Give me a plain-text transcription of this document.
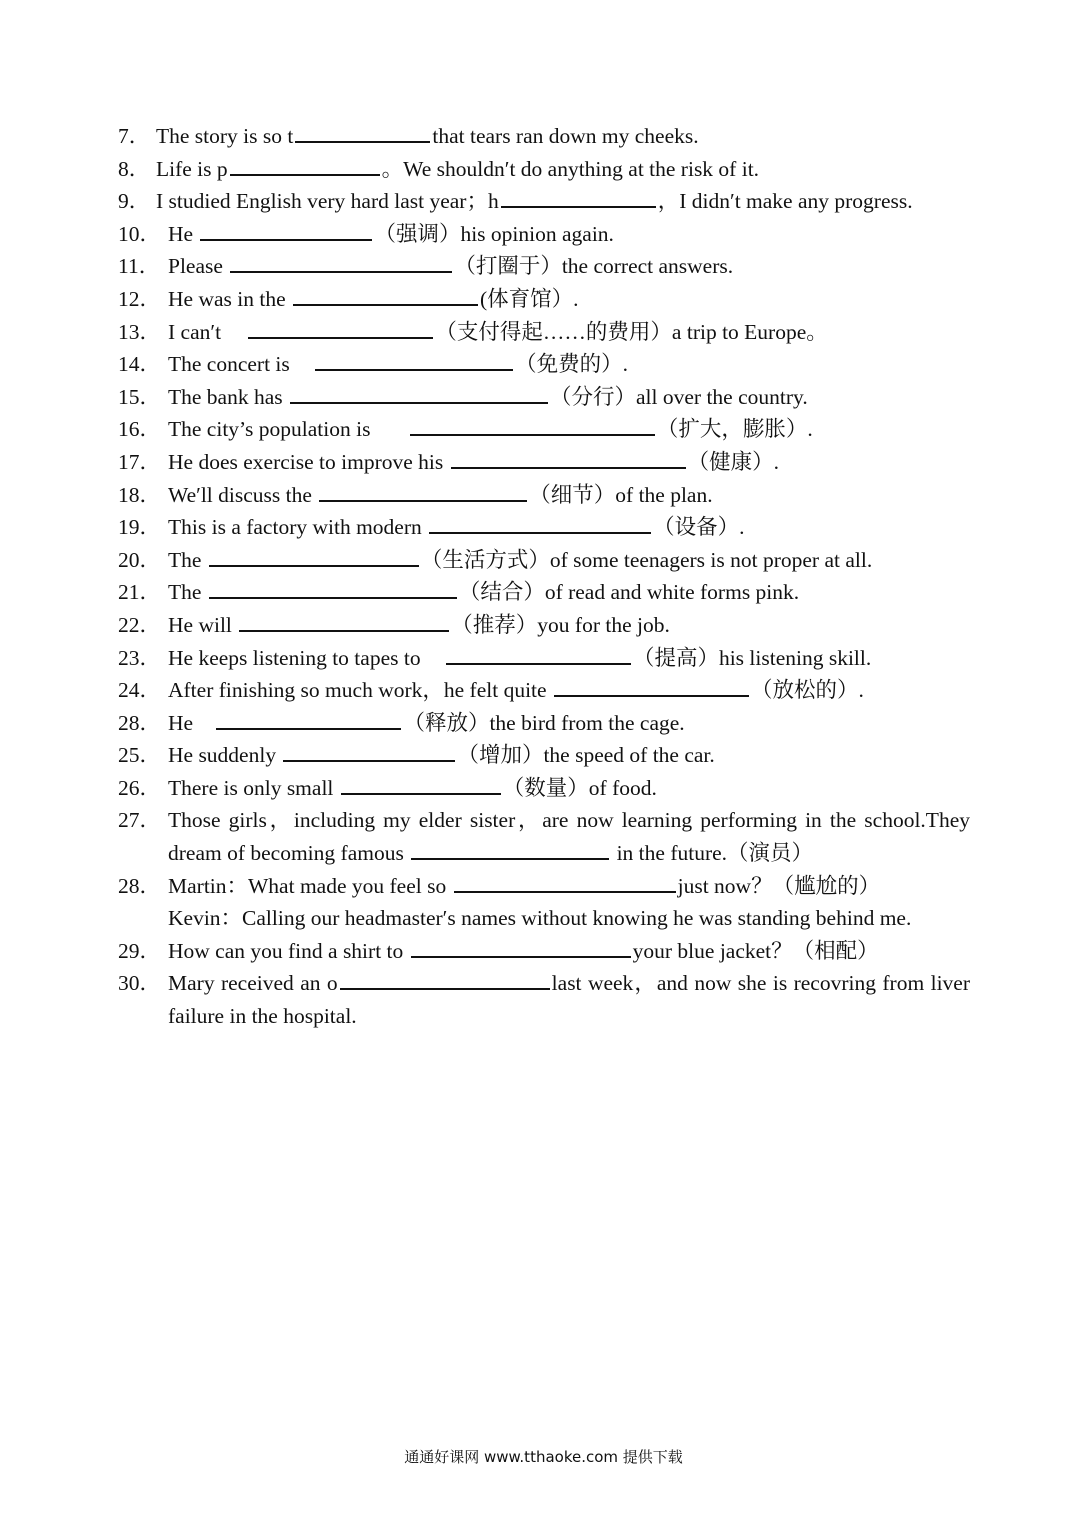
7． The story is so t	that tears ran down my cheeks.
8． Life is p	。We shouldn′t do anything at the risk of it.
9． I studied English very hard last year；h	，I didn′t make any progress.
10． He	（强调）his opinion again.
11． Please	（打圈于）the correct answers.
12． He was in the	(体育馆）.
13． I can′t	（支付得起……的费用）a trip to Europe。
14． The concert is	（免费的）.
15． The bank has	（分行）all over the country.
16． The city’s population is	（扩大，膨胀）.
17． He does exercise to improve his	（健康）.
18． We′ll discuss the	（细节）of the plan.
19． This is a factory with modern	（设备）.
20． The	（生活方式）of some teenagers is not proper at all.
21． The	（结合）of read and white forms pink.
22． He will	（推荐）you for the job.
23． He keeps listening to tapes to	（提高）his listening skill.
24． After finishing so much work，he felt quite	（放松的）.
28． He	（释放）the bird from the cage.
25． He suddenly	（增加）the speed of the car.
26． There is only small	（数量）of food.
27． Those girls，including my elder sister，are now learning performing in the school.They dream of becoming famous	in the future.（演员）
28． Martin：What made you feel so	just now？（尴尬的）
Kevin：Calling our headmaster′s names without knowing he was standing behind me.
29． How can you find a shirt to	your blue jacket？（相配）
30． Mary received an o	last week，and now she is recovring from liver failure in the hospital.
通通好课网 www.tthaoke.com 提供下载
